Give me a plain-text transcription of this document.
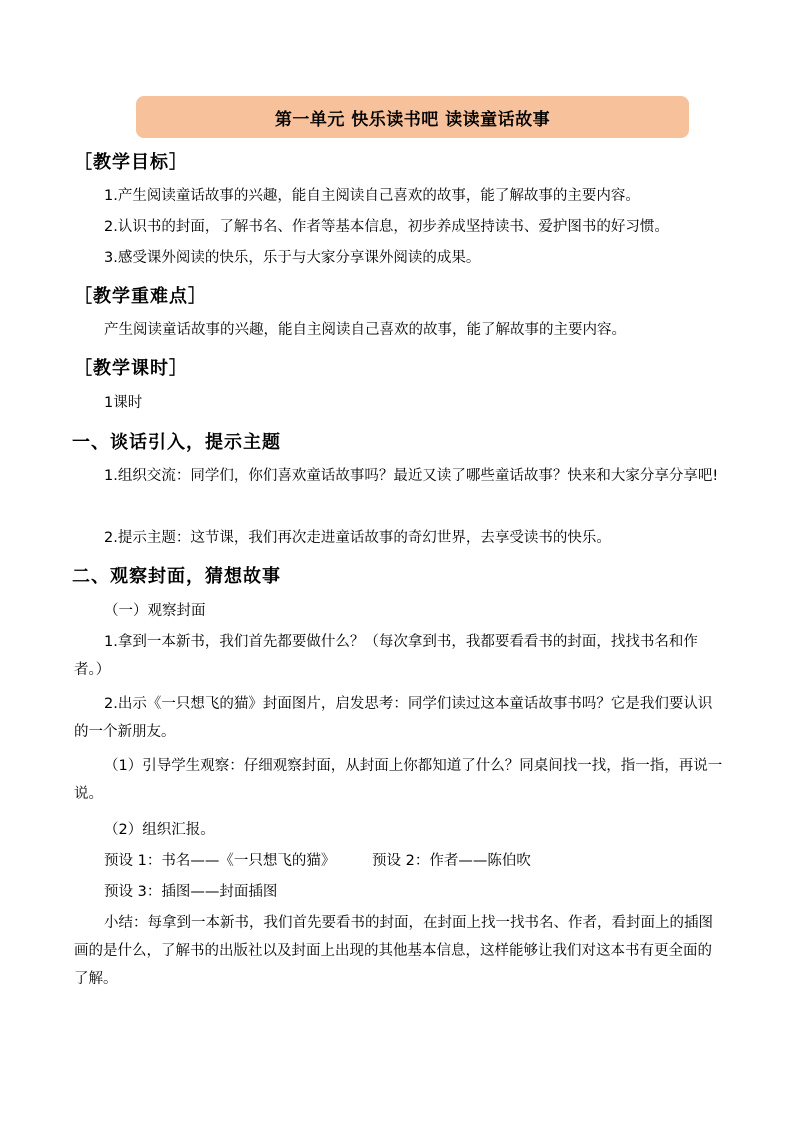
第一单元 快乐读书吧 读读童话故事
［教学目标］
1.产生阅读童话故事的兴趣，能自主阅读自己喜欢的故事，能了解故事的主要内容。
2.认识书的封面，了解书名、作者等基本信息，初步养成坚持读书、爱护图书的好习惯。
3.感受课外阅读的快乐，乐于与大家分享课外阅读的成果。
［教学重难点］
产生阅读童话故事的兴趣，能自主阅读自己喜欢的故事，能了解故事的主要内容。
［教学课时］
1课时
一、谈话引入，提示主题
1.组织交流：同学们，你们喜欢童话故事吗？最近又读了哪些童话故事？快来和大家分享分享吧!
2.提示主题：这节课，我们再次走进童话故事的奇幻世界，去享受读书的快乐。
二、观察封面，猜想故事
（一）观察封面
1.拿到一本新书，我们首先都要做什么？（每次拿到书，我都要看看书的封面，找找书名和作者。）
2.出示《一只想飞的猫》封面图片，启发思考：同学们读过这本童话故事书吗？它是我们要认识的一个新朋友。
（1）引导学生观察：仔细观察封面，从封面上你都知道了什么？同桌间找一找，指一指，再说一说。
（2）组织汇报。
预设 1：书名——《一只想飞的猫》	预设 2：作者——陈伯吹
预设 3：插图——封面插图
小结：每拿到一本新书，我们首先要看书的封面，在封面上找一找书名、作者，看封面上的插图画的是什么，了解书的出版社以及封面上出现的其他基本信息，这样能够让我们对这本书有更全面的了解。
